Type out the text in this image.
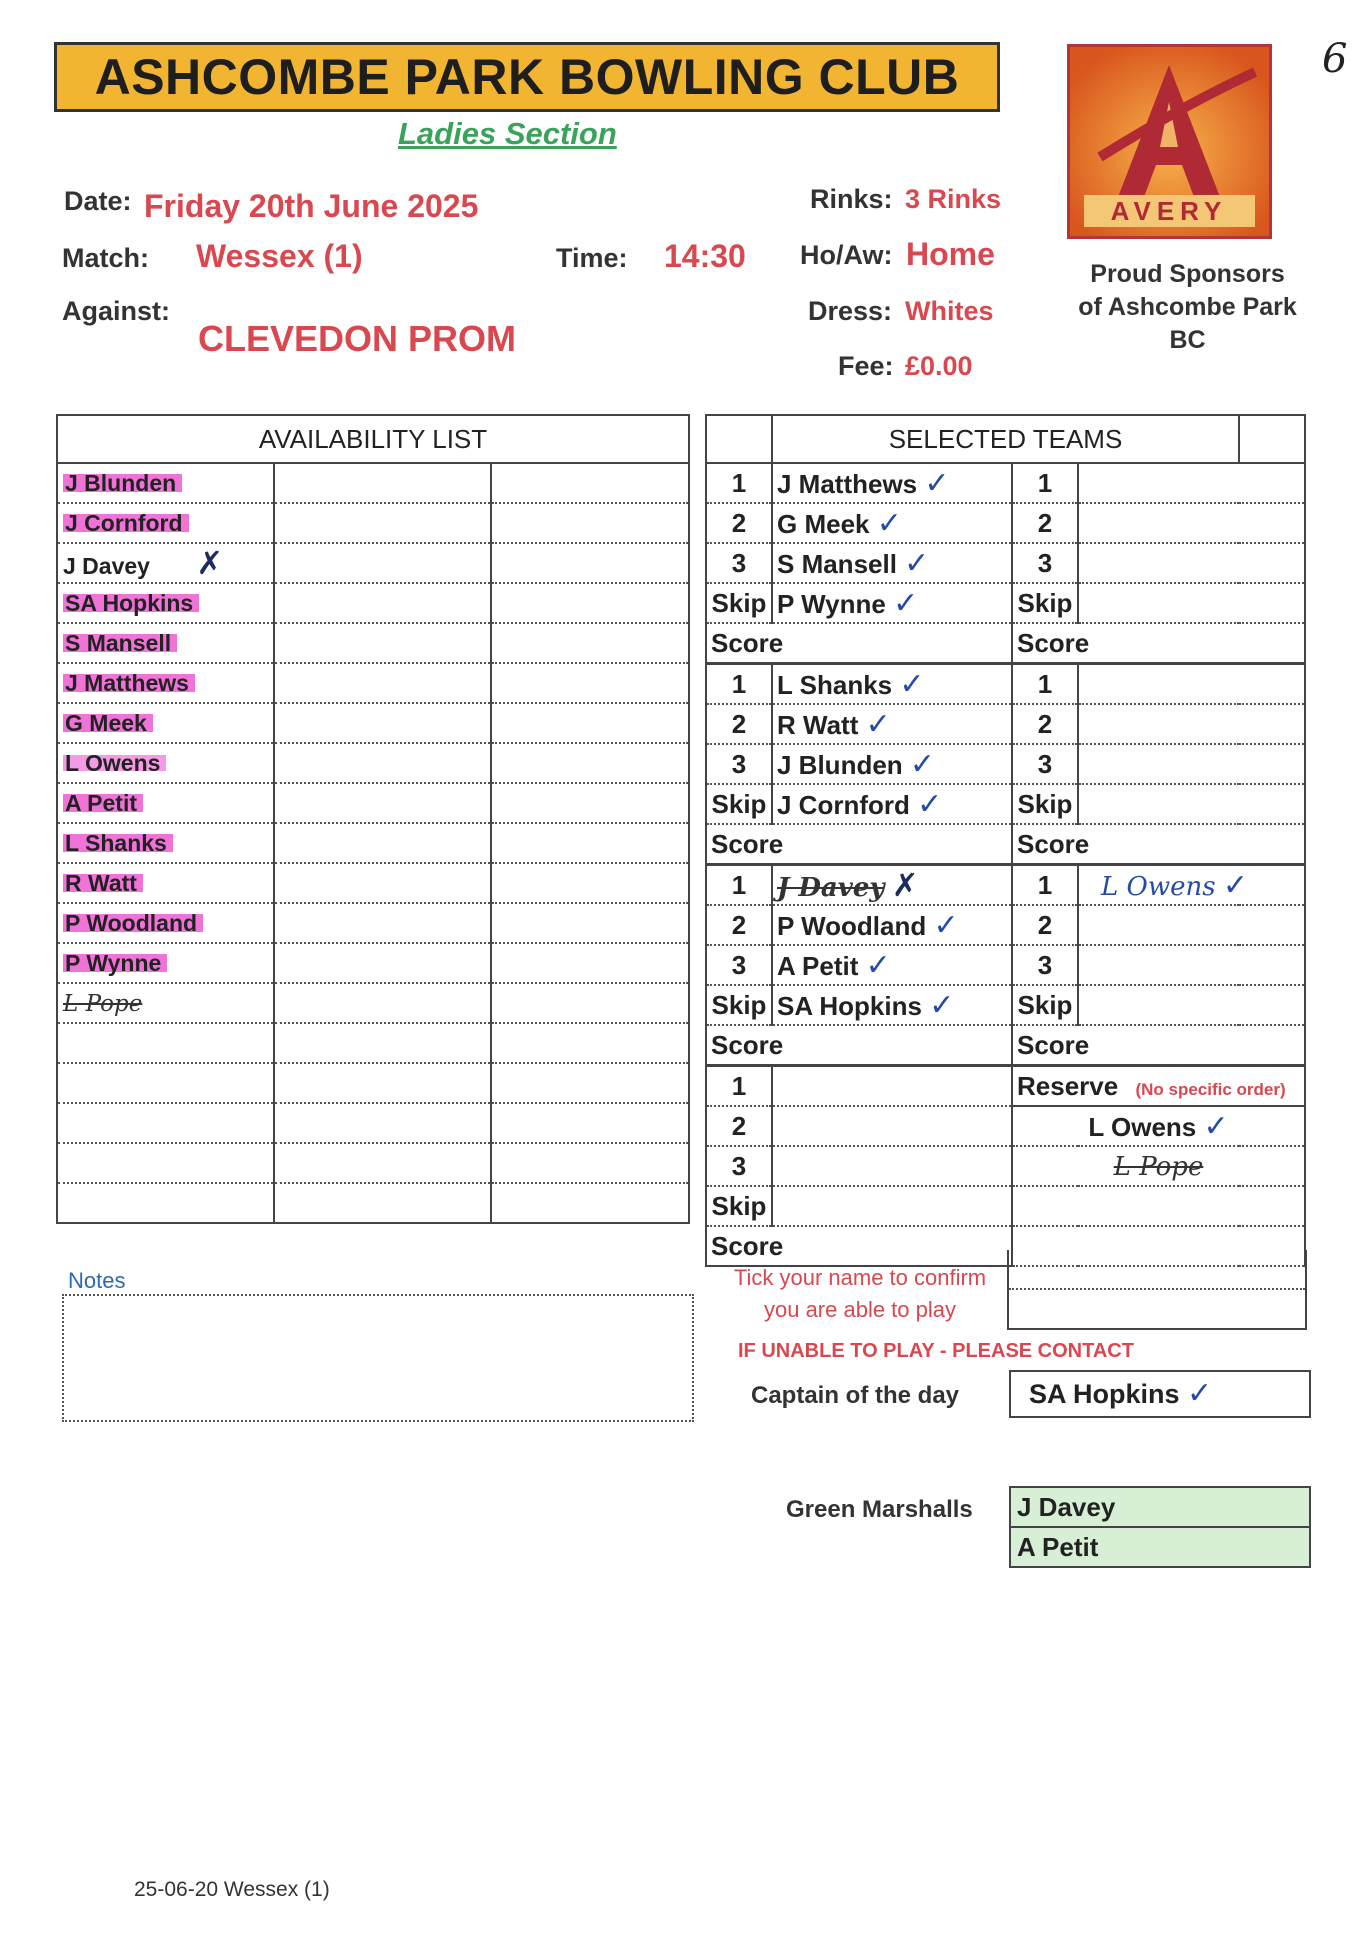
ASHCOMBE PARK BOWLING CLUB
Ladies Section
6
Date: Friday 20th June 2025
Match: Wessex (1)	Time: 14:30
Against:
CLEVEDON PROM
Rinks: 3 Rinks
Ho/Aw: Home
Dress: Whites
Fee: £0.00
AVERY
Proud Sponsors
of Ashcombe Park
BC
AVAILABILITY LIST		
J Blunden		
J Cornford		
J Davey ✗		
SA Hopkins		
S Mansell		
J Matthews		
G Meek		
L Owens		
A Petit		
L Shanks		
R Watt		
P Woodland		
P Wynne		
L Pope		

	SELECTED TEAMS			
1	J Matthews ✓	1		
2	G Meek ✓	2		
3	S Mansell ✓	3		
Skip	P Wynne ✓	Skip		
Score		Score		
1	L Shanks ✓	1		
2	R Watt ✓	2		
3	J Blunden ✓	3		
Skip	J Cornford ✓	Skip		
Score		Score		
1	J Davey ✗	1	L Owens ✓	
2	P Woodland ✓	2		
3	A Petit ✓	3		
Skip	SA Hopkins ✓	Skip		
Score		Score		
1		Reserve (No specific order)		
2		L Owens ✓		
3		L Pope		
Skip				
Score				
Notes	Tick your name to confirm
you are able to play
IF UNABLE TO PLAY - PLEASE CONTACT
Captain of the day	SA Hopkins ✓
Green Marshalls J Davey
A Petit
25-06-20 Wessex (1)
